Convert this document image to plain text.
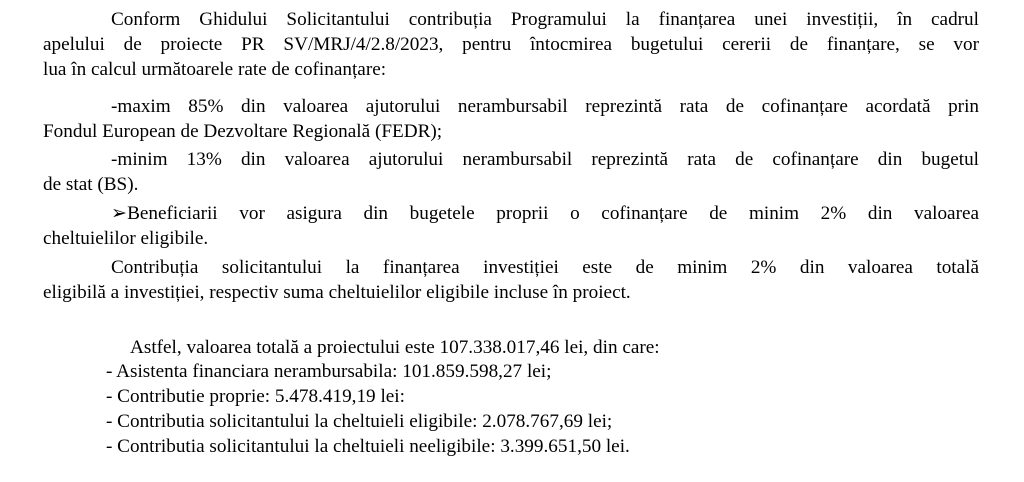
Conform Ghidului Solicitantului contribuția Programului la finanțarea unei investiții, în cadrul
apelului de proiecte PR SV/MRJ/4/2.8/2023, pentru întocmirea bugetului cererii de finanțare, se vor
lua în calcul următoarele rate de cofinanțare:
-maxim 85% din valoarea ajutorului nerambursabil reprezintă rata de cofinanțare acordată prin
Fondul European de Dezvoltare Regională (FEDR);
-minim 13% din valoarea ajutorului nerambursabil reprezintă rata de cofinanțare din bugetul
de stat (BS).
➢Beneficiarii vor asigura din bugetele proprii o cofinanțare de minim 2% din valoarea
cheltuielilor eligibile.
Contribuția solicitantului la finanțarea investiției este de minim 2% din valoarea totală
eligibilă a investiției, respectiv suma cheltuielilor eligibile incluse în proiect.
Astfel, valoarea totală a proiectului este 107.338.017,46 lei, din care:
- Asistenta financiara nerambursabila: 101.859.598,27 lei;
- Contributie proprie: 5.478.419,19 lei:
- Contributia solicitantului la cheltuieli eligibile: 2.078.767,69 lei;
- Contributia solicitantului la cheltuieli neeligibile: 3.399.651,50 lei.
